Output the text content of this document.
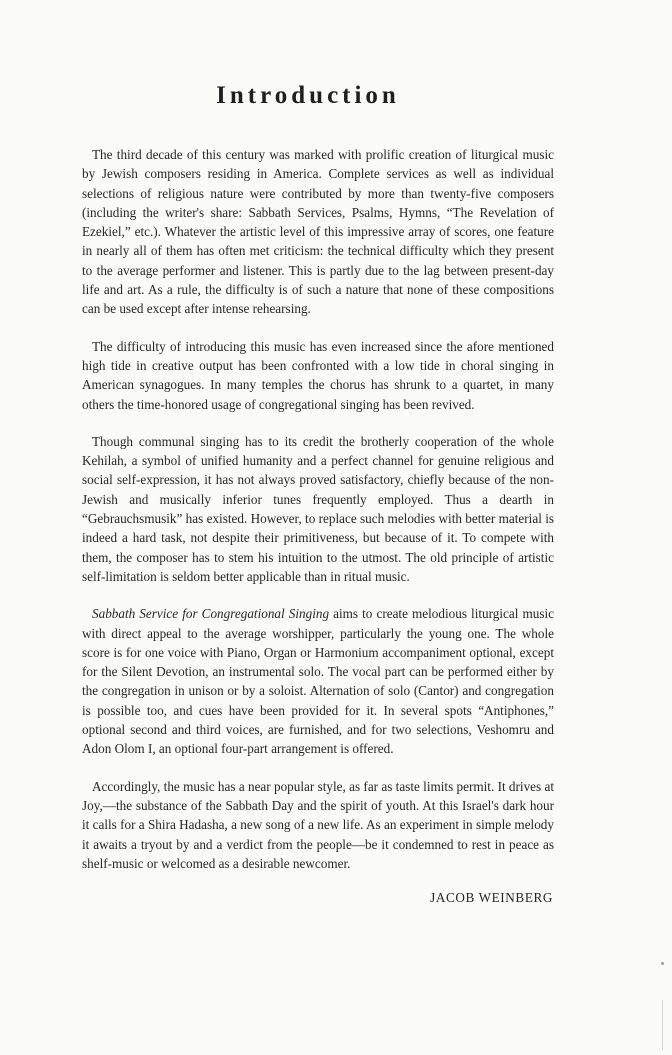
Introduction

The third decade of this century was marked with prolific creation of liturgical music by Jewish composers residing in America. Complete services as well as individual selections of religious nature were contributed by more than twenty-five composers (including the writer's share: Sabbath Services, Psalms, Hymns, “The Revelation of Ezekiel,” etc.). Whatever the artistic level of this impressive array of scores, one feature in nearly all of them has often met criticism: the technical difficulty which they present to the average performer and listener. This is partly due to the lag between present-day life and art. As a rule, the difficulty is of such a nature that none of these compositions can be used except after intense rehearsing.

The difficulty of introducing this music has even increased since the afore mentioned high tide in creative output has been confronted with a low tide in choral singing in American synagogues. In many temples the chorus has shrunk to a quartet, in many others the time-honored usage of congregational singing has been revived.

Though communal singing has to its credit the brotherly cooperation of the whole Kehilah, a symbol of unified humanity and a perfect channel for genuine religious and social self-expression, it has not always proved satisfactory, chiefly because of the non-Jewish and musically inferior tunes frequently employed. Thus a dearth in “Gebrauchsmusik” has existed. However, to replace such melodies with better material is indeed a hard task, not despite their primitiveness, but because of it. To compete with them, the composer has to stem his intuition to the utmost. The old principle of artistic self-limitation is seldom better applicable than in ritual music.

Sabbath Service for Congregational Singing aims to create melodious liturgical music with direct appeal to the average worshipper, particularly the young one. The whole score is for one voice with Piano, Organ or Harmonium accompaniment optional, except for the Silent Devotion, an instrumental solo. The vocal part can be performed either by the congregation in unison or by a soloist. Alternation of solo (Cantor) and congregation is possible too, and cues have been provided for it. In several spots “Antiphones,” optional second and third voices, are furnished, and for two selections, Veshomru and Adon Olom I, an optional four-part arrangement is offered.

Accordingly, the music has a near popular style, as far as taste limits permit. It drives at Joy,—the substance of the Sabbath Day and the spirit of youth. At this Israel's dark hour it calls for a Shira Hadasha, a new song of a new life. As an experiment in simple melody it awaits a tryout by and a verdict from the people—be it condemned to rest in peace as shelf-music or welcomed as a desirable newcomer.

JACOB WEINBERG
